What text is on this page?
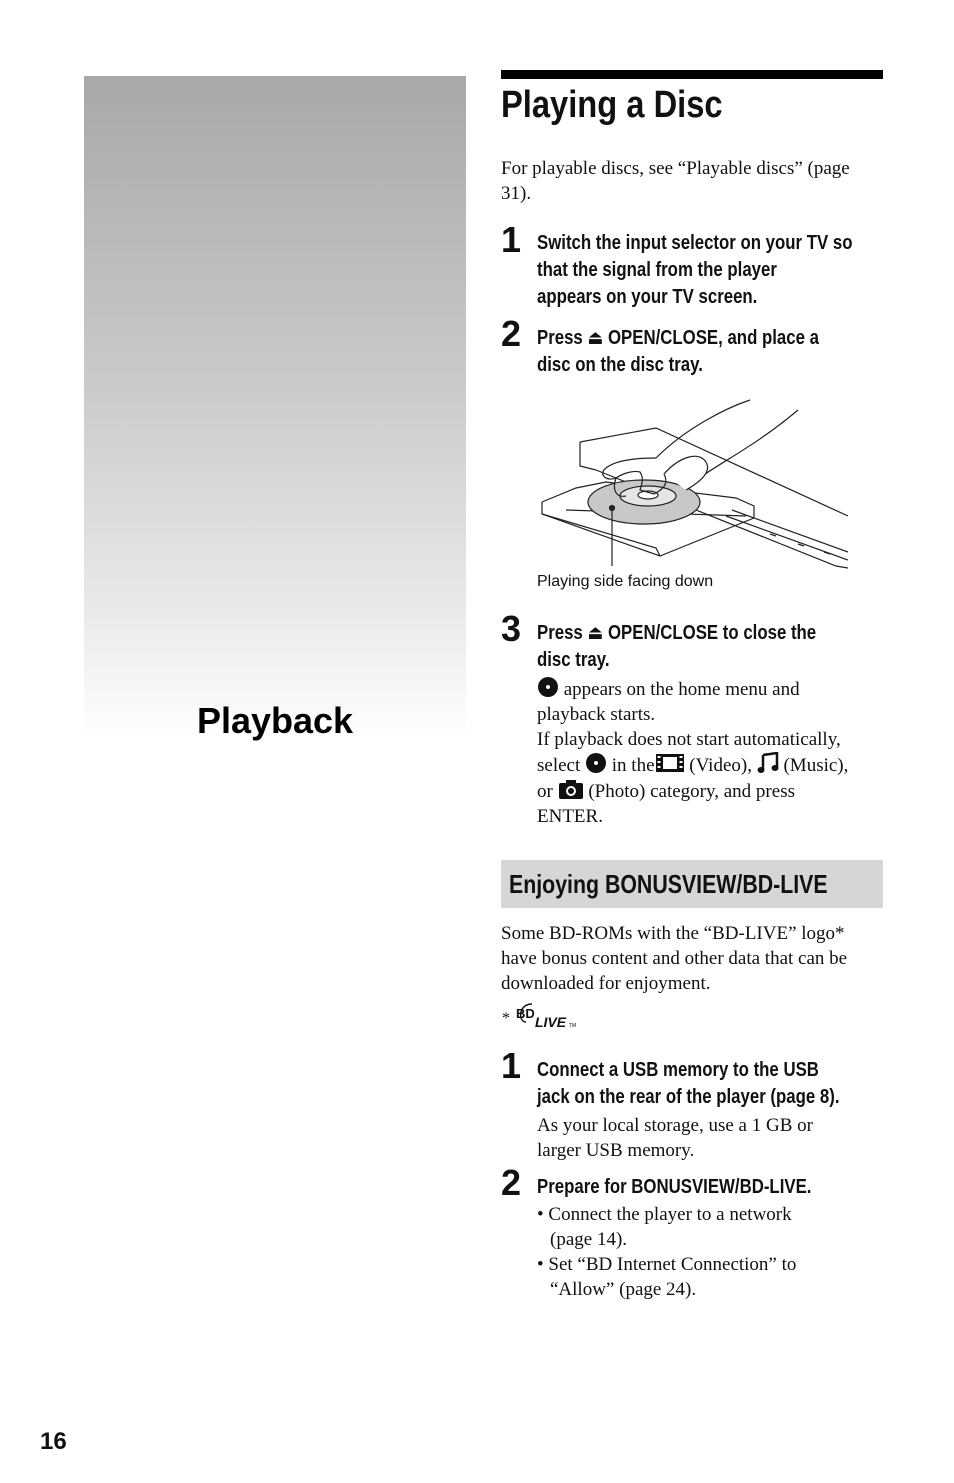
Playback
Playing a Disc
For playable discs, see “Playable discs” (page 31).
1 Switch the input selector on your TV so
that the signal from the player
appears on your TV screen.
2 Press ⏏ OPEN/CLOSE, and place a
disc on the disc tray.
Playing side facing down
3 Press ⏏ OPEN/CLOSE to close the
disc tray.
appears on the home menu and
playback starts.
If playback does not start automatically,
select in the (Video), (Music),
or (Photo) category, and press
ENTER.
Enjoying BONUSVIEW/BD-LIVE
Some BD-ROMs with the “BD-LIVE” logo*
have bonus content and other data that can be
downloaded for enjoyment.
* BD
LIVE TM
1 Connect a USB memory to the USB
jack on the rear of the player (page 8).
As your local storage, use a 1 GB or
larger USB memory.
2 Prepare for BONUSVIEW/BD-LIVE.
• Connect the player to a network
(page 14).
• Set “BD Internet Connection” to
“Allow” (page 24).
16
